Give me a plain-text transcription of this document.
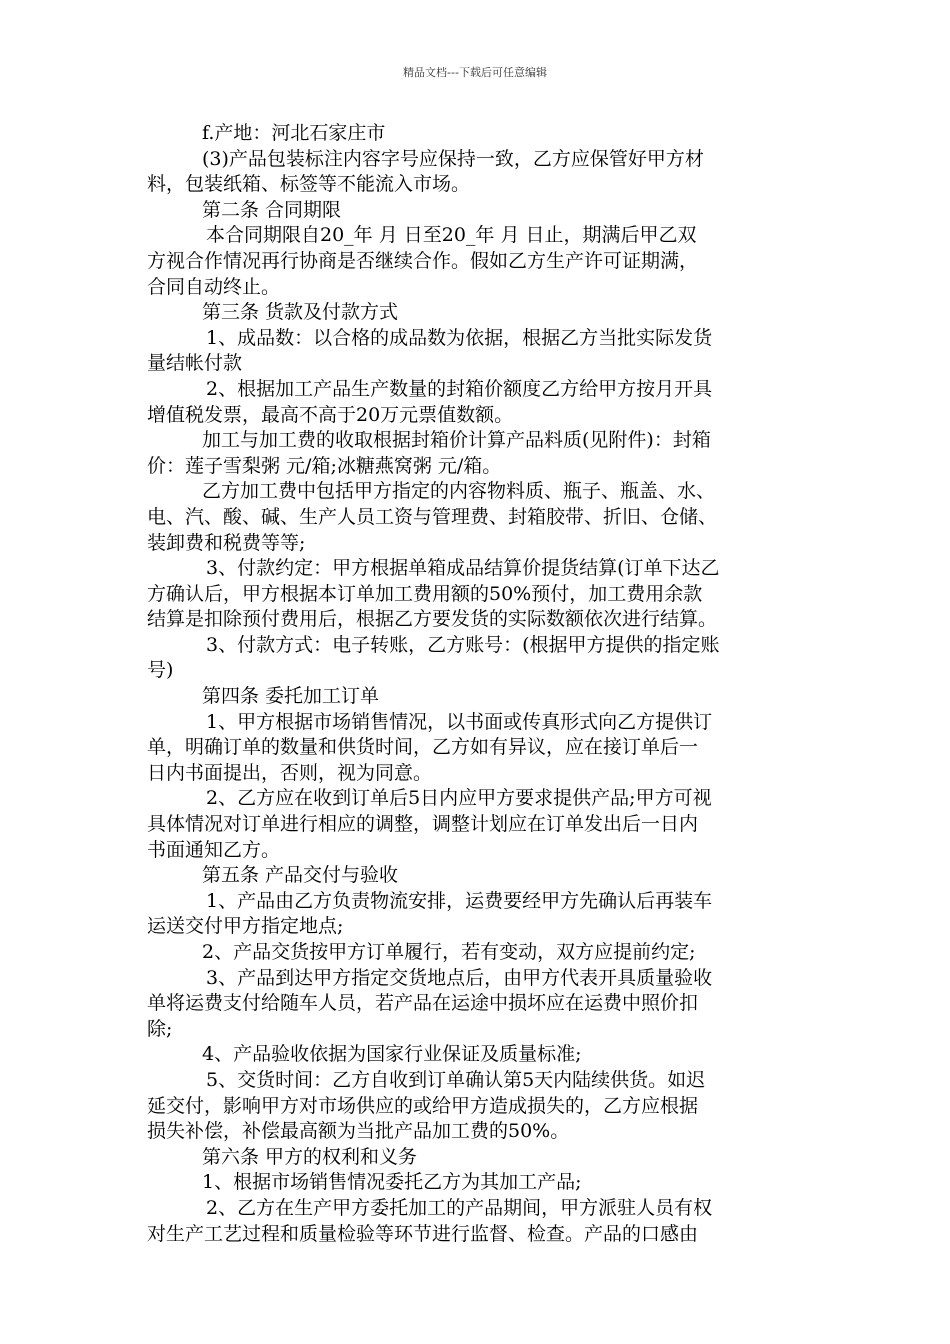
精品文档---下载后可任意编辑

f.产地：河北石家庄市

(3)产品包装标注内容字号应保持一致，乙方应保管好甲方材

料，包装纸箱、标签等不能流入市场。

第二条 合同期限

本合同期限自20_年 月 日至20_年 月 日止，期满后甲乙双

方视合作情况再行协商是否继续合作。假如乙方生产许可证期满，

合同自动终止。

第三条 货款及付款方式

1、成品数：以合格的成品数为依据，根据乙方当批实际发货

量结帐付款

2、根据加工产品生产数量的封箱价额度乙方给甲方按月开具

增值税发票，最高不高于20万元票值数额。

加工与加工费的收取根据封箱价计算产品料质(见附件)：封箱

价：莲子雪梨粥 元/箱;冰糖燕窝粥 元/箱。

乙方加工费中包括甲方指定的内容物料质、瓶子、瓶盖、水、

电、汽、酸、碱、生产人员工资与管理费、封箱胶带、折旧、仓储、

装卸费和税费等等;

3、付款约定：甲方根据单箱成品结算价提货结算(订单下达乙

方确认后，甲方根据本订单加工费用额的50%预付，加工费用余款

结算是扣除预付费用后，根据乙方要发货的实际数额依次进行结算。

3、付款方式：电子转账，乙方账号：(根据甲方提供的指定账

号)

第四条 委托加工订单

1、甲方根据市场销售情况，以书面或传真形式向乙方提供订

单，明确订单的数量和供货时间，乙方如有异议，应在接订单后一

日内书面提出，否则，视为同意。

2、乙方应在收到订单后5日内应甲方要求提供产品;甲方可视

具体情况对订单进行相应的调整，调整计划应在订单发出后一日内

书面通知乙方。

第五条 产品交付与验收

1、产品由乙方负责物流安排，运费要经甲方先确认后再装车

运送交付甲方指定地点;

2、产品交货按甲方订单履行，若有变动，双方应提前约定;

3、产品到达甲方指定交货地点后，由甲方代表开具质量验收

单将运费支付给随车人员，若产品在运途中损坏应在运费中照价扣

除;

4、产品验收依据为国家行业保证及质量标准;

5、交货时间：乙方自收到订单确认第5天内陆续供货。如迟

延交付，影响甲方对市场供应的或给甲方造成损失的，乙方应根据

损失补偿，补偿最高额为当批产品加工费的50%。

第六条 甲方的权利和义务

1、根据市场销售情况委托乙方为其加工产品;

2、乙方在生产甲方委托加工的产品期间，甲方派驻人员有权

对生产工艺过程和质量检验等环节进行监督、检查。产品的口感由
